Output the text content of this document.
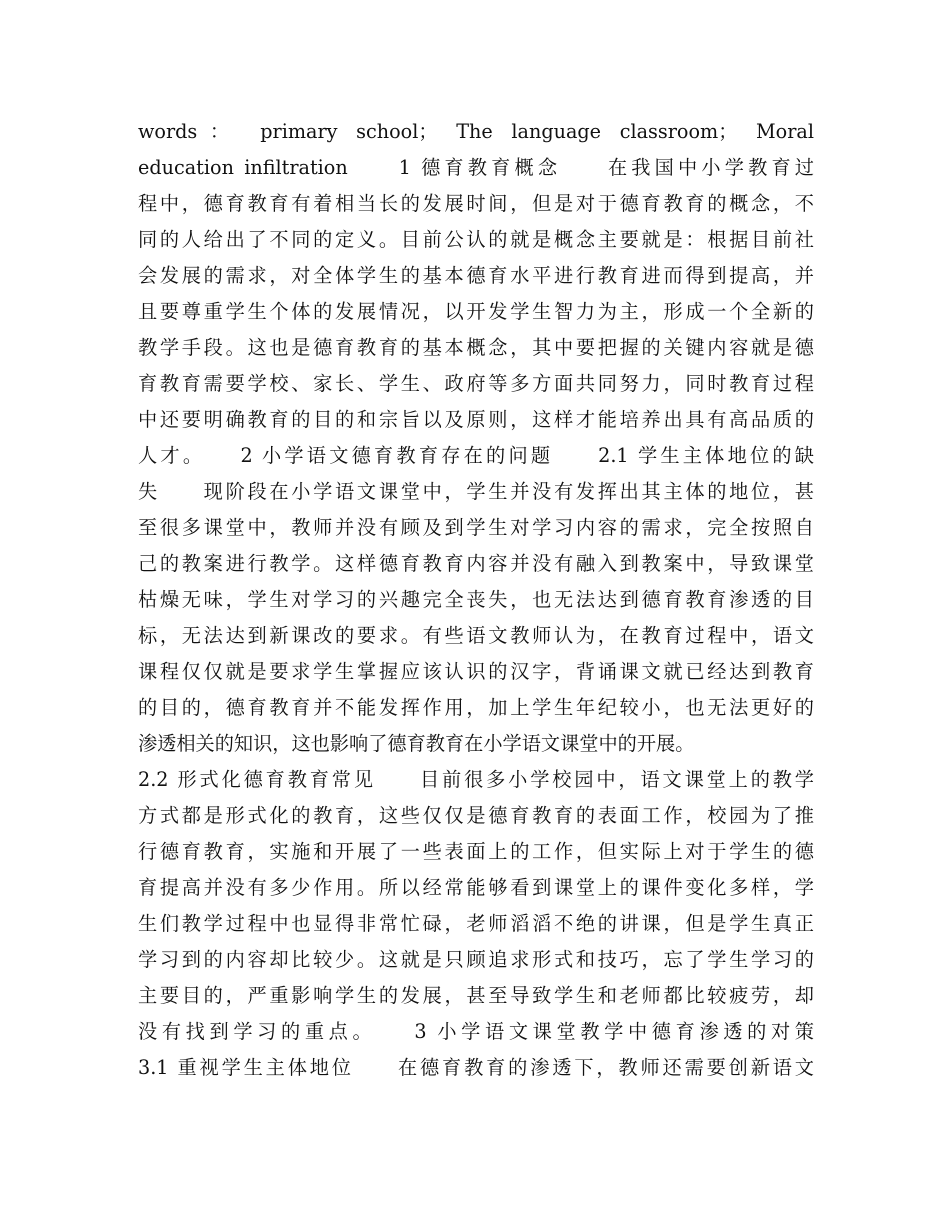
words： primary school； The language classroom； Moral
education infiltration　　1 德育教育概念　　在我国中小学教育过
程中，德育教育有着相当长的发展时间，但是对于德育教育的概念，不
同的人给出了不同的定义。目前公认的就是概念主要就是：根据目前社
会发展的需求，对全体学生的基本德育水平进行教育进而得到提高，并
且要尊重学生个体的发展情况，以开发学生智力为主，形成一个全新的
教学手段。这也是德育教育的基本概念，其中要把握的关键内容就是德
育教育需要学校、家长、学生、政府等多方面共同努力，同时教育过程
中还要明确教育的目的和宗旨以及原则，这样才能培养出具有高品质的
人才。　　2 小学语文德育教育存在的问题　　2.1 学生主体地位的缺
失　　现阶段在小学语文课堂中，学生并没有发挥出其主体的地位，甚
至很多课堂中，教师并没有顾及到学生对学习内容的需求，完全按照自
己的教案进行教学。这样德育教育内容并没有融入到教案中，导致课堂
枯燥无味，学生对学习的兴趣完全丧失，也无法达到德育教育渗透的目
标，无法达到新课改的要求。有些语文教师认为，在教育过程中，语文
课程仅仅就是要求学生掌握应该认识的汉字，背诵课文就已经达到教育
的目的，德育教育并不能发挥作用，加上学生年纪较小，也无法更好的
渗透相关的知识，这也影响了德育教育在小学语文课堂中的开展。
2.2 形式化德育教育常见　　目前很多小学校园中，语文课堂上的教学
方式都是形式化的教育，这些仅仅是德育教育的表面工作，校园为了推
行德育教育，实施和开展了一些表面上的工作，但实际上对于学生的德
育提高并没有多少作用。所以经常能够看到课堂上的课件变化多样，学
生们教学过程中也显得非常忙碌，老师滔滔不绝的讲课，但是学生真正
学习到的内容却比较少。这就是只顾追求形式和技巧，忘了学生学习的
主要目的，严重影响学生的发展，甚至导致学生和老师都比较疲劳，却
没有找到学习的重点。　　3 小学语文课堂教学中德育渗透的对策
3.1 重视学生主体地位　　在德育教育的渗透下，教师还需要创新语文
